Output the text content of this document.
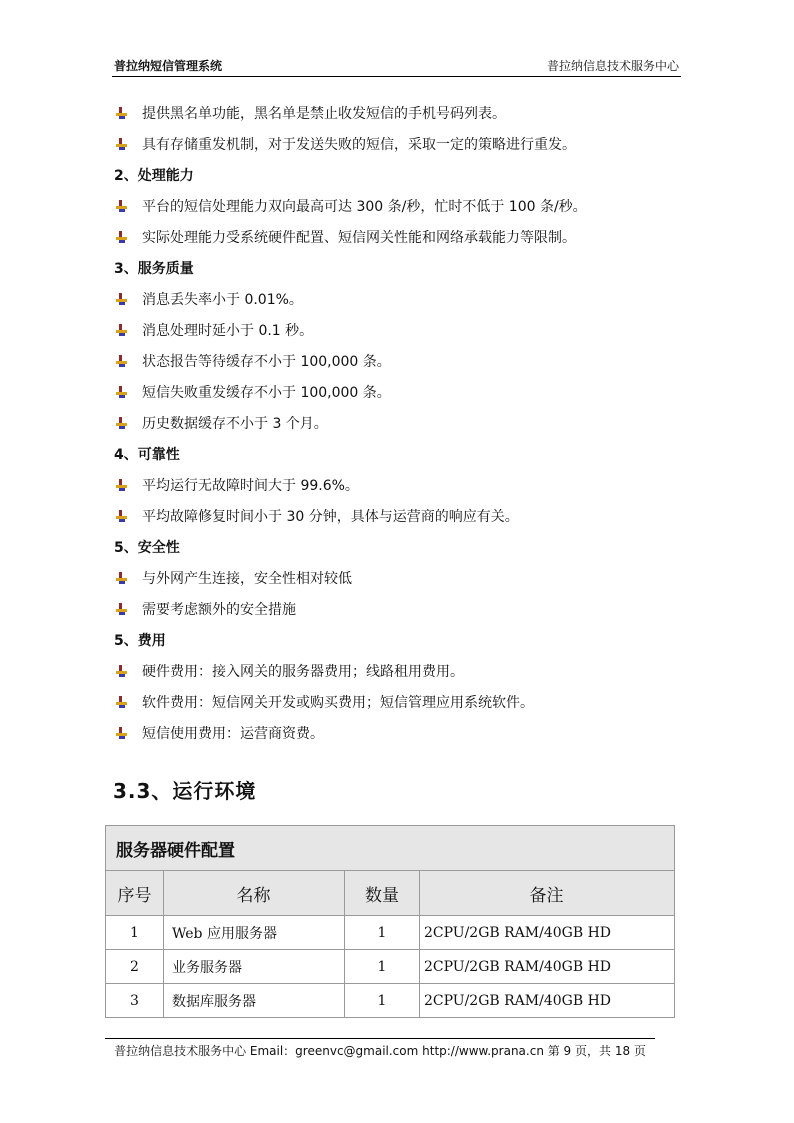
普拉纳短信管理系统	普拉纳信息技术服务中心
提供黑名单功能，黑名单是禁止收发短信的手机号码列表。
具有存储重发机制，对于发送失败的短信，采取一定的策略进行重发。
2、处理能力
平台的短信处理能力双向最高可达 300 条/秒，忙时不低于 100 条/秒。
实际处理能力受系统硬件配置、短信网关性能和网络承载能力等限制。
3、服务质量
消息丢失率小于 0.01%。
消息处理时延小于 0.1 秒。
状态报告等待缓存不小于 100,000 条。
短信失败重发缓存不小于 100,000 条。
历史数据缓存不小于 3 个月。
4、可靠性
平均运行无故障时间大于 99.6%。
平均故障修复时间小于 30 分钟，具体与运营商的响应有关。
5、安全性
与外网产生连接，安全性相对较低
需要考虑额外的安全措施
5、费用
硬件费用：接入网关的服务器费用；线路租用费用。
软件费用：短信网关开发或购买费用；短信管理应用系统软件。
短信使用费用：运营商资费。
3.3、运行环境
服务器硬件配置			
序号	名称	数量	备注
1	Web 应用服务器	1	2CPU/2GB RAM/40GB HD
2	业务服务器	1	2CPU/2GB RAM/40GB HD
3	数据库服务器	1	2CPU/2GB RAM/40GB HD
普拉纳信息技术服务中心 Email：greenvc@gmail.com http://www.prana.cn 第 9 页，共 18 页
